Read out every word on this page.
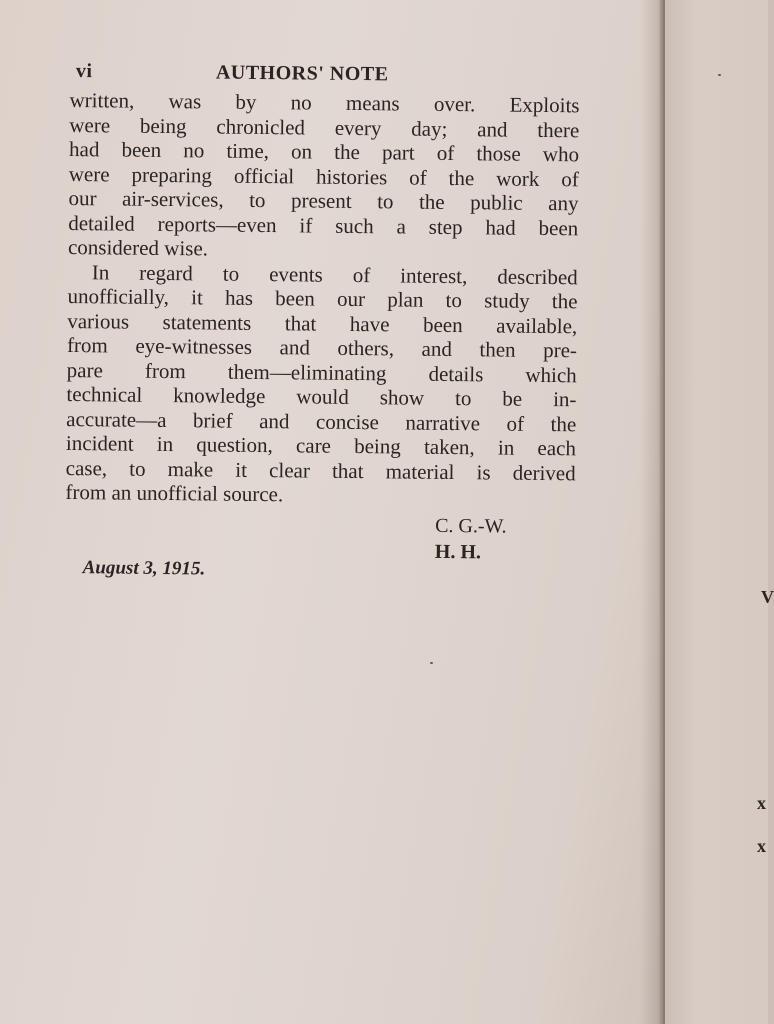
V
x
x
vi	AUTHORS' NOTE

written, was by no means over. Exploits
were being chronicled every day; and there
had been no time, on the part of those who
were preparing official histories of the work of
our air-services, to present to the public any
detailed reports—even if such a step had been
considered wise.

In regard to events of interest, described
unofficially, it has been our plan to study the
various statements that have been available,
from eye-witnesses and others, and then pre-
pare from them—eliminating details which
technical knowledge would show to be in-
accurate—a brief and concise narrative of the
incident in question, care being taken, in each
case, to make it clear that material is derived
from an unofficial source.

C. G.-W.
H. H.
August 3, 1915.
